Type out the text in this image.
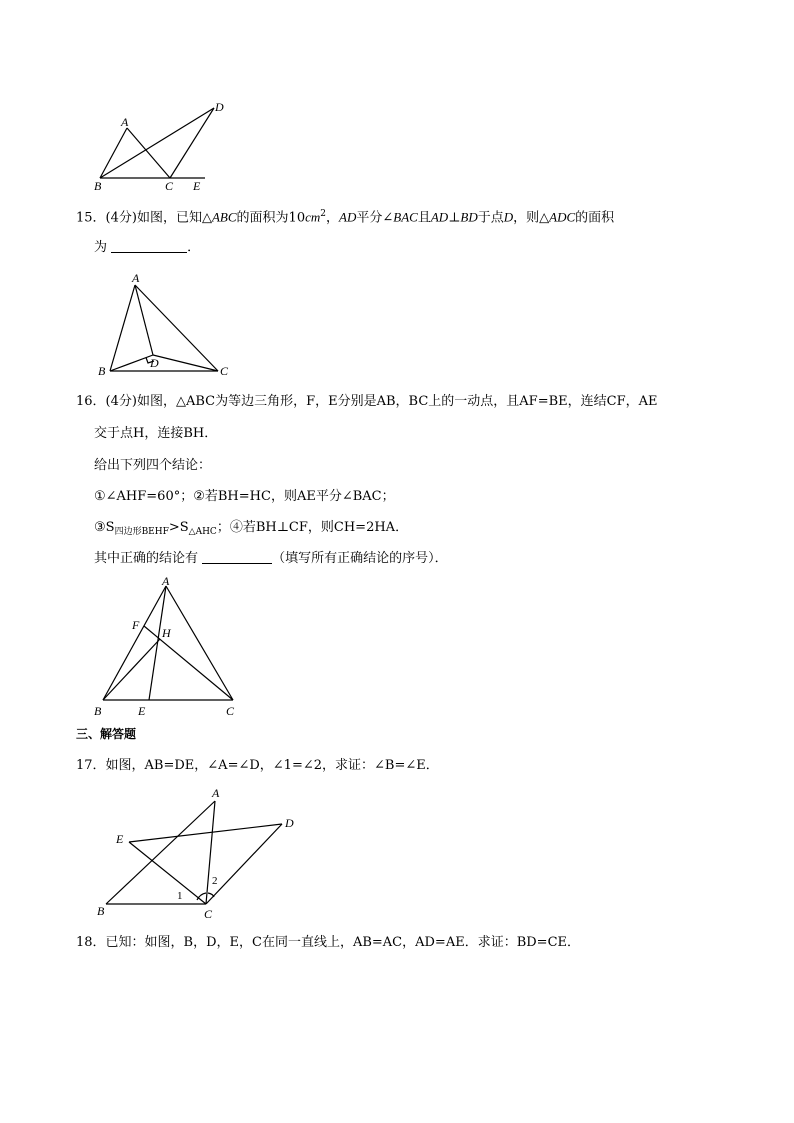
A
B	C
D
E
15．(4分)如图，已知△ABC的面积为$10cm^2$，AD平分∠BAC且AD⊥BD于点D，则△ADC的面积
为	．
A
B	C
D
16．(4分)如图，△ABC为等边三角形，F，E分别是AB，BC上的一动点，且AF=BE，连结CF，AE
交于点H，连接BH．
给出下列四个结论：
①∠AHF=60°；②若BH=HC，则AE平分∠BAC；
$③S_{四边形BEHF}>S_{\triangle AHC}$；④若BH⊥CF，则CH=2HA．
其中正确的结论有	（填写所有正确结论的序号）．
A
B	C
E
F
H
三、解答题
17．如图，AB=DE，∠A=∠D，∠1=∠2，求证：∠B=∠E．
A
B	C
D
E
1
2
18．已知：如图，B，D，E，C在同一直线上，AB=AC，AD=AE．求证：BD=CE．
